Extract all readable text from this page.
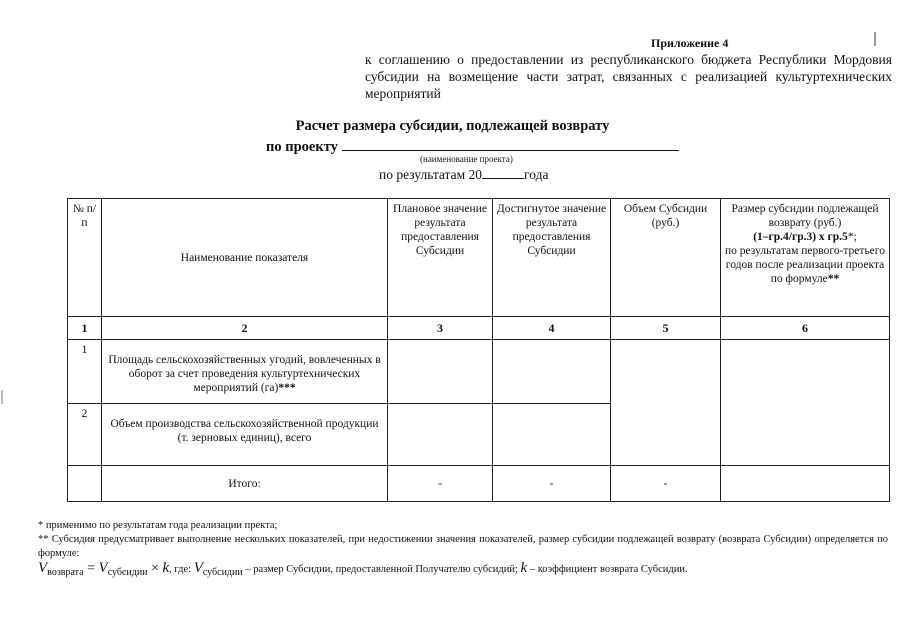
Приложение 4
к соглашению о предоставлении из республиканского бюджета Республики Мордовия субсидии на возмещение части затрат, связанных с реализацией культуртехнических мероприятий
Расчет размера субсидии, подлежащей возврату
по проекту
(наименование проекта)
по результатам 20	года
№ п/п	Наименование показателя	Плановое значение результата предоставления Субсидии	Достигнутое значение результата предоставления Субсидии	Объем Субсидии (руб.)	Размер субсидии подлежащей возврату (руб.)
(1–гр.4/гр.3) х гр.5*;
по результатам первого-третьего годов после реализации проекта по формуле**
1	2	3	4	5	6
1	Площадь сельскохозяйственных угодий, вовлеченных в оборот за счет проведения культуртехнических мероприятий (га)***				

2	Объем производства сельскохозяйственной продукции (т. зерновых единиц), всего				

	Итого:	-	-	-	
* применимо по результатам года реализации пректа;
** Субсидия предусматривает выполнение нескольких показателей, при недостижении значения показателей, размер субсидии подлежащей возврату (возврата Субсидии) определяется по формуле:
Vвозврата = Vсубсидии × k, где: Vсубсидии – размер Субсидии, предоставленной Получателю субсидий; k – коэффициент возврата Субсидии.
